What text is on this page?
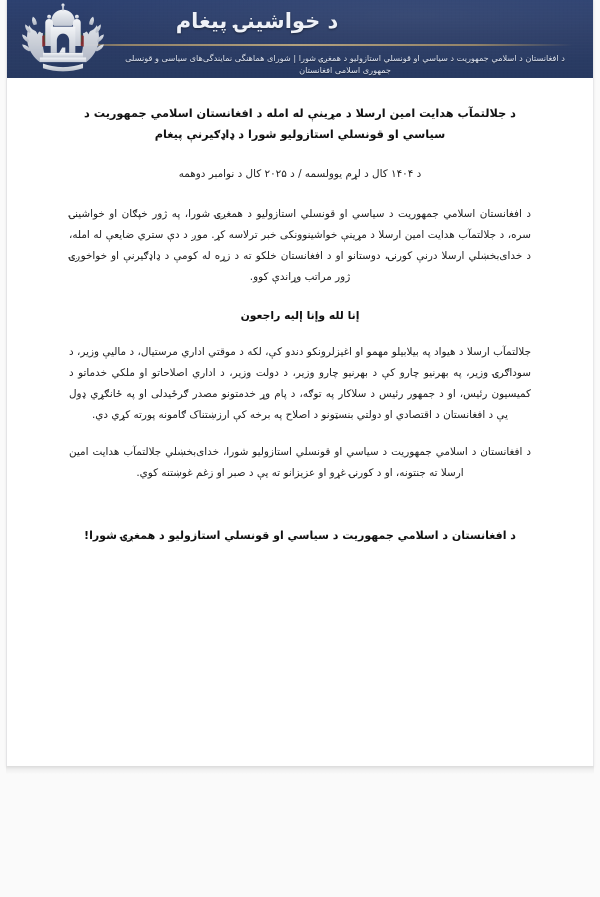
د خواشینۍ پیغام
د افغانستان د اسلامي جمهوریت د سیاسي او قونسلي استازولیو د همغږۍ شورا | شورای هماهنگی نمایندگی‌های سیاسی و قونسلی جمهوری اسلامی افغانستان
د جلالتمآب هدایت امین ارسلا د مړینې له امله د افغانستان اسلامي جمهوریت د سیاسي او قونسلي استازولیو شورا د ډاډګیرنې پیغام
د ۱۴۰۴ کال د لړم یوولسمه / د ۲۰۲۵ کال د نوامبر دوهمه

د افغانستان اسلامي جمهوریت د سیاسي او قونسلي استازولیو د همغږۍ شورا، په ژور خپګان او خواشینۍ سره، د جلالتمآب هدایت امین ارسلا د مړینې خواشینوونکی خبر ترلاسه کړ. موږ د دې ستري ضایعې له امله، د خدای‌بخښلي ارسلا درنې کورنۍ، دوستانو او د افغانستان خلکو ته د زړه له کومې د ډاډګیرنې او خواخوږۍ ژور مراتب وړاندې کوو.

إنا لله وإنا إليه راجعون

جلالتمآب ارسلا د هیواد په بیلابیلو مهمو او اغیزلرونکو دندو کې، لکه د موقتي اداري مرستیال، د مالیې وزیر، د سوداګرۍ وزیر، په بهرنیو چارو کې د بهرنیو چارو وزیر، د دولت وزیر، د اداري اصلاحاتو او ملکي خدماتو د کمیسیون رئیس، او د جمهور رئیس د سلاکار په توګه، د پام وړ خدمتونو مصدر ګرځیدلی او په ځانګړي ډول یې د افغانستان د اقتصادي او دولتي بنسټونو د اصلاح په برخه کې ارزښتناک ګامونه پورته کړي دي.

د افغانستان د اسلامي جمهوریت د سیاسي او قونسلي استازولیو شورا، خدای‌بخښلي جلالتمآب هدایت امین ارسلا ته جنتونه، او د کورنۍ غړو او عزیزانو ته یې د صبر او زغم غوښتنه کوي.

د افغانستان د اسلامي جمهوریت د سیاسي او قونسلي استازولیو د همغږۍ شورا!
